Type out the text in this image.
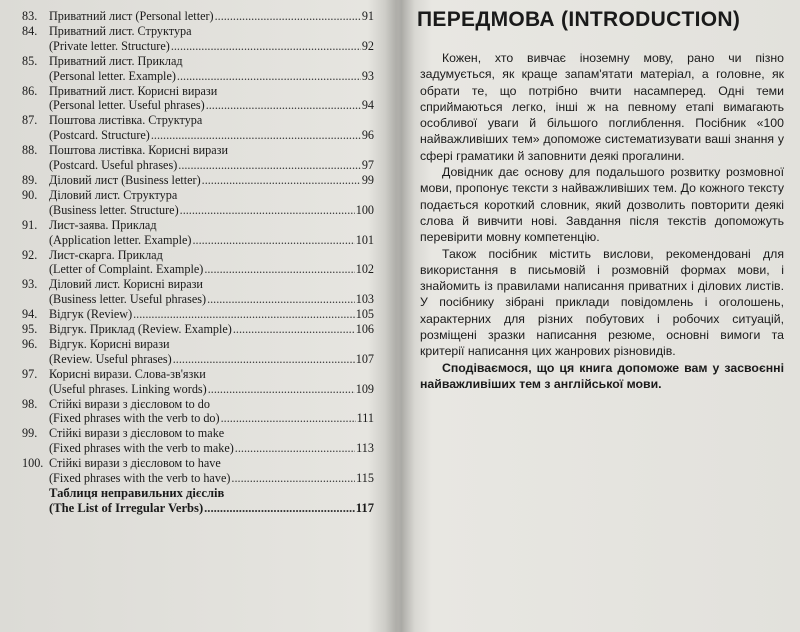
83. Приватний лист (Personal letter) .....	91
84. Приватний лист. Структура
(Private letter. Structure) .....	92
85. Приватний лист. Приклад
(Personal letter. Example) .....	93
86. Приватний лист. Корисні вирази
(Personal letter. Useful phrases) .....	94
87. Поштова листівка. Структура
(Postcard. Structure) .....	96
88. Поштова листівка. Корисні вирази
(Postcard. Useful phrases) .....	97
89. Діловий лист (Business letter) .....	99
90. Діловий лист. Структура
(Business letter. Structure) .....	100
91. Лист-заява. Приклад
(Application letter. Example) .....	101
92. Лист-скарга. Приклад
(Letter of Complaint. Example) .....	102
93. Діловий лист. Корисні вирази
(Business letter. Useful phrases) .....	103
94. Відгук (Review) .....	105
95. Відгук. Приклад (Review. Example) .....	106
96. Відгук. Корисні вирази
(Review. Useful phrases) .....	107
97. Корисні вирази. Слова-зв'язки
(Useful phrases. Linking words) .....	109
98. Стійкі вирази з дієсловом to do
(Fixed phrases with the verb to do) .....	111
99. Стійкі вирази з дієсловом to make
(Fixed phrases with the verb to make) .....	113
100. Стійкі вирази з дієсловом to have
(Fixed phrases with the verb to have) .....	115
Таблиця неправильних дієслів
(The List of Irregular Verbs) .....	117
ПЕРЕДМОВА (INTRODUCTION)

Кожен, хто вивчає іноземну мову, рано чи пізно задумується, як краще запам'ятати матеріал, а головне, як обрати те, що потрібно вчити насамперед. Одні теми сприймаються легко, інші ж на певному етапі вимагають особливої уваги й більшого поглиблення. Посібник «100 найважливіших тем» допоможе систематизувати ваші знання у сфері граматики й заповнити деякі прогалини.

Довідник дає основу для подальшого розвитку розмовної мови, пропонує тексти з найважливіших тем. До кожного тексту подається короткий словник, який дозволить повторити деякі слова й вивчити нові. Завдання після текстів допоможуть перевірити мовну компетенцію.

Також посібник містить вислови, рекомендовані для використання в письмовій і розмовній формах мови, і знайомить із правилами написання приватних і ділових листів. У посібнику зібрані приклади повідомлень і оголошень, характерних для різних побутових і робочих ситуацій, розміщені зразки написання резюме, основні вимоги та критерії написання цих жанрових різновидів.

Сподіваємося, що ця книга допоможе вам у засвоєнні найважливіших тем з англійської мови.
